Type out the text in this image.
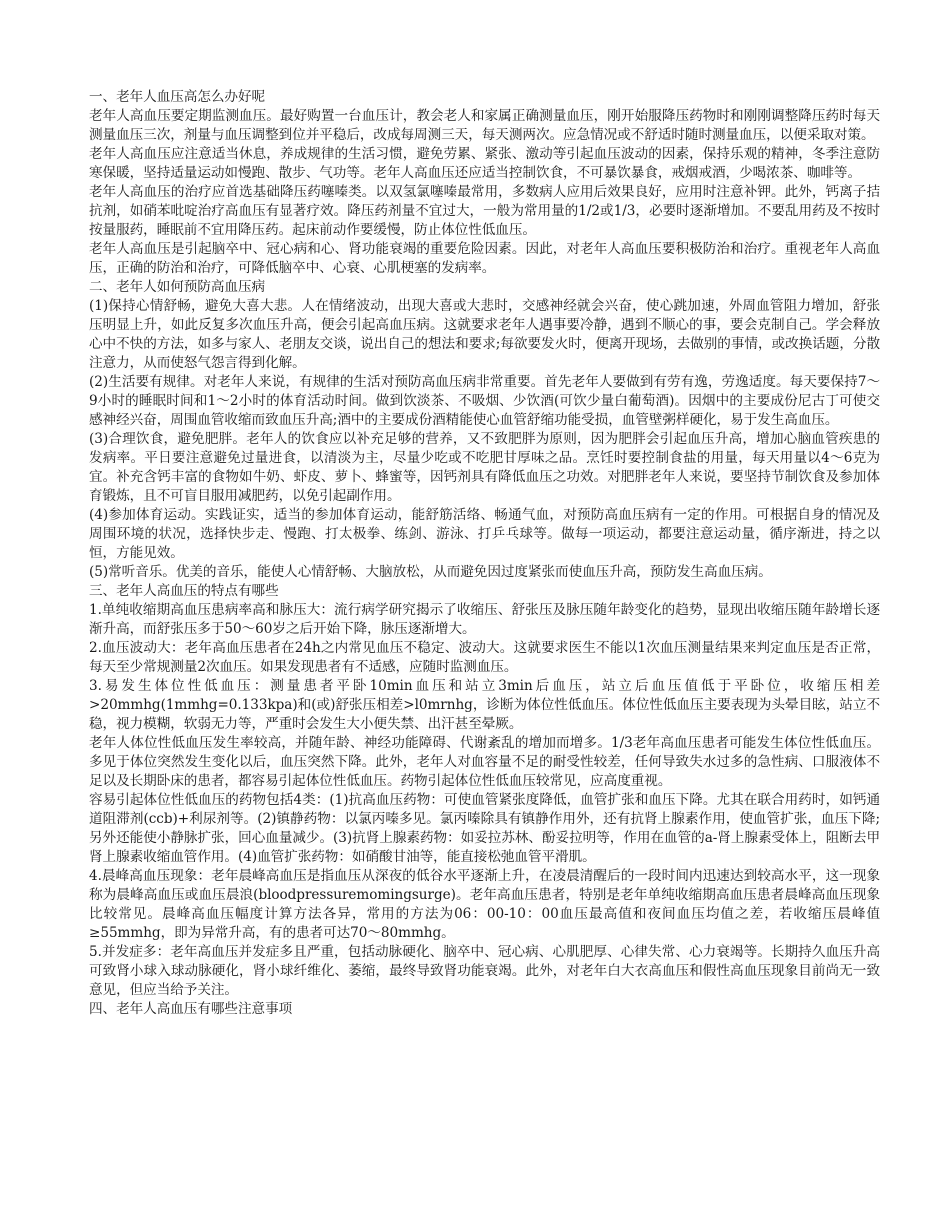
一、老年人血压高怎么办好呢

老年人高血压要定期监测血压。最好购置一台血压计，教会老人和家属正确测量血压，刚开始服降压药物时和刚刚调整降压药时每天测量血压三次，剂量与血压调整到位并平稳后，改成每周测三天，每天测两次。应急情况或不舒适时随时测量血压，以便采取对策。

老年人高血压应注意适当休息，养成规律的生活习惯，避免劳累、紧张、激动等引起血压波动的因素，保持乐观的精神，冬季注意防寒保暖，坚持适量运动如慢跑、散步、气功等。老年人高血压还应适当控制饮食，不可暴饮暴食，戒烟戒酒，少喝浓茶、咖啡等。

老年人高血压的治疗应首选基础降压药噻嗪类。以双氢氯噻嗪最常用，多数病人应用后效果良好，应用时注意补钾。此外，钙离子拮抗剂，如硝苯吡啶治疗高血压有显著疗效。降压药剂量不宜过大，一般为常用量的1/2或1/3，必要时逐渐增加。不要乱用药及不按时按量服药，睡眠前不宜用降压药。起床前动作要缓慢，防止体位性低血压。

老年人高血压是引起脑卒中、冠心病和心、肾功能衰竭的重要危险因素。因此，对老年人高血压要积极防治和治疗。重视老年人高血压，正确的防治和治疗，可降低脑卒中、心衰、心肌梗塞的发病率。

二、老年人如何预防高血压病

(1)保持心情舒畅，避免大喜大悲。人在情绪波动，出现大喜或大悲时，交感神经就会兴奋，使心跳加速，外周血管阻力增加，舒张压明显上升，如此反复多次血压升高，便会引起高血压病。这就要求老年人遇事要冷静，遇到不顺心的事，要会克制自己。学会释放心中不快的方法，如多与家人、老朋友交谈，说出自己的想法和要求;每欲要发火时，便离开现场，去做别的事情，或改换话题，分散注意力，从而使怒气怨言得到化解。

(2)生活要有规律。对老年人来说，有规律的生活对预防高血压病非常重要。首先老年人要做到有劳有逸，劳逸适度。每天要保持7～9小时的睡眠时间和1～2小时的体育活动时间。做到饮淡茶、不吸烟、少饮酒(可饮少量白葡萄酒)。因烟中的主要成份尼古丁可使交感神经兴奋，周围血管收缩而致血压升高;酒中的主要成份酒精能使心血管舒缩功能受损，血管壁粥样硬化，易于发生高血压。

(3)合理饮食，避免肥胖。老年人的饮食应以补充足够的营养，又不致肥胖为原则，因为肥胖会引起血压升高，增加心脑血管疾患的发病率。平日要注意避免过量进食，以清淡为主，尽量少吃或不吃肥甘厚味之品。烹饪时要控制食盐的用量，每天用量以4～6克为宜。补充含钙丰富的食物如牛奶、虾皮、萝卜、蜂蜜等，因钙剂具有降低血压之功效。对肥胖老年人来说，要坚持节制饮食及参加体育锻炼，且不可盲目服用减肥药，以免引起副作用。

(4)参加体育运动。实践证实，适当的参加体育运动，能舒筋活络、畅通气血，对预防高血压病有一定的作用。可根据自身的情况及周围环境的状况，选择快步走、慢跑、打太极拳、练剑、游泳、打乒乓球等。做每一项运动，都要注意运动量，循序渐进，持之以恒，方能见效。

(5)常听音乐。优美的音乐，能使人心情舒畅、大脑放松，从而避免因过度紧张而使血压升高，预防发生高血压病。

三、老年人高血压的特点有哪些

1.单纯收缩期高血压患病率高和脉压大：流行病学研究揭示了收缩压、舒张压及脉压随年龄变化的趋势，显现出收缩压随年龄增长逐渐升高，而舒张压多于50～60岁之后开始下降，脉压逐渐增大。

2.血压波动大：老年高血压患者在24h之内常见血压不稳定、波动大。这就要求医生不能以1次血压测量结果来判定血压是否正常，每天至少常规测量2次血压。如果发现患者有不适感，应随时监测血压。

3.易发生体位性低血压：测量患者平卧10min血压和站立3min后血压，站立后血压值低于平卧位，收缩压相差>20mmhg(1mmhg=0.133kpa)和(或)舒张压相差>l0mrnhg，诊断为体位性低血压。体位性低血压主要表现为头晕目眩，站立不稳，视力模糊，软弱无力等，严重时会发生大小便失禁、出汗甚至晕厥。

老年人体位性低血压发生率较高，并随年龄、神经功能障碍、代谢紊乱的增加而增多。1/3老年高血压患者可能发生体位性低血压。多见于体位突然发生变化以后，血压突然下降。此外，老年人对血容量不足的耐受性较差，任何导致失水过多的急性病、口服液体不足以及长期卧床的患者，都容易引起体位性低血压。药物引起体位性低血压较常见，应高度重视。

容易引起体位性低血压的药物包括4类：(1)抗高血压药物：可使血管紧张度降低，血管扩张和血压下降。尤其在联合用药时，如钙通道阻滞剂(ccb)+利尿剂等。(2)镇静药物：以氯丙嗪多见。氯丙嗪除具有镇静作用外，还有抗肾上腺素作用，使血管扩张，血压下降;另外还能使小静脉扩张，回心血量减少。(3)抗肾上腺素药物：如妥拉苏林、酚妥拉明等，作用在血管的a-肾上腺素受体上，阻断去甲肾上腺素收缩血管作用。(4)血管扩张药物：如硝酸甘油等，能直接松弛血管平滑肌。

4.晨峰高血压现象：老年晨峰高血压是指血压从深夜的低谷水平逐渐上升，在凌晨清醒后的一段时间内迅速达到较高水平，这一现象称为晨峰高血压或血压晨浪(bloodpressuremomingsurge)。老年高血压患者，特别是老年单纯收缩期高血压患者晨峰高血压现象比较常见。晨峰高血压幅度计算方法各异，常用的方法为06：00-10：00血压最高值和夜间血压均值之差，若收缩压晨峰值≥55mmhg，即为异常升高，有的患者可达70～80mmhg。

5.并发症多：老年高血压并发症多且严重，包括动脉硬化、脑卒中、冠心病、心肌肥厚、心律失常、心力衰竭等。长期持久血压升高可致肾小球入球动脉硬化，肾小球纤维化、萎缩，最终导致肾功能衰竭。此外，对老年白大衣高血压和假性高血压现象目前尚无一致意见，但应当给予关注。

四、老年人高血压有哪些注意事项
